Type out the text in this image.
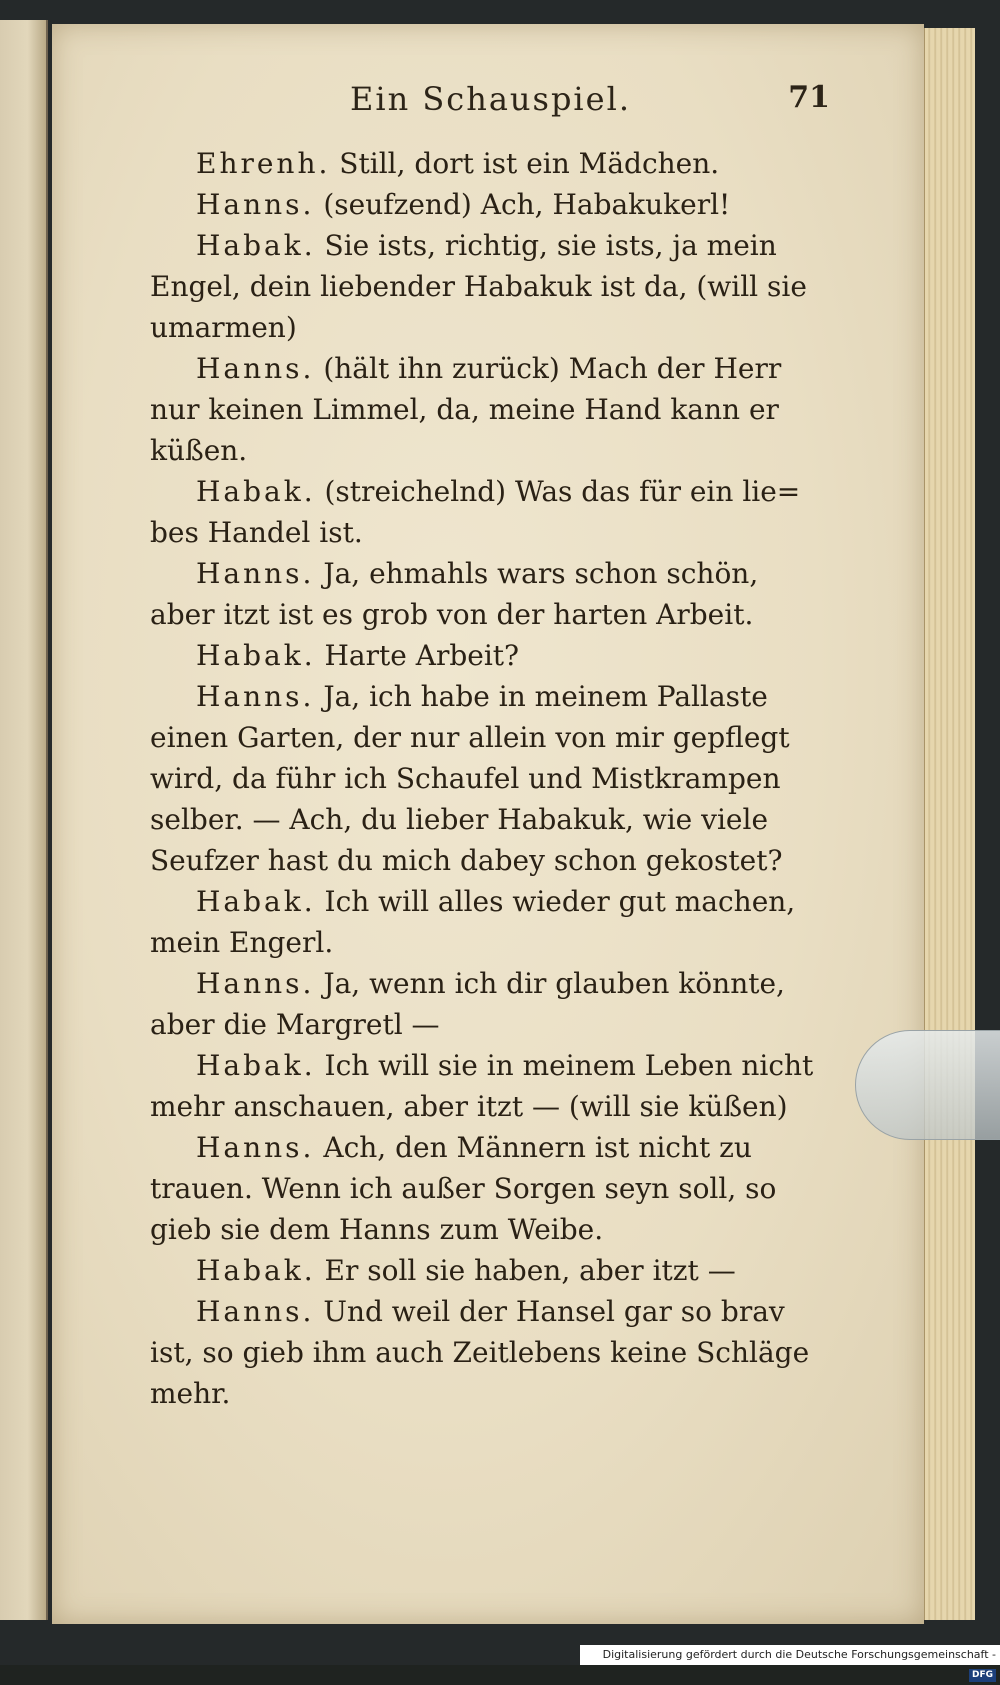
Ein Schauspiel.	71
Ehrenh. Still, dort ist ein Mädchen.
Hanns. (seufzend) Ach, Habakukerl!
Habak. Sie ists, richtig, sie ists, ja mein
Engel, dein liebender Habakuk ist da, (will sie
umarmen)
Hanns. (hält ihn zurück) Mach der Herr
nur keinen Limmel, da, meine Hand kann er
küßen.
Habak. (streichelnd) Was das für ein lie=
bes Handel ist.
Hanns. Ja, ehmahls wars schon schön,
aber itzt ist es grob von der harten Arbeit.
Habak. Harte Arbeit?
Hanns. Ja, ich habe in meinem Pallaste
einen Garten, der nur allein von mir gepflegt
wird, da führ ich Schaufel und Mistkrampen
selber. — Ach, du lieber Habakuk, wie viele
Seufzer hast du mich dabey schon gekostet?
Habak. Ich will alles wieder gut machen,
mein Engerl.
Hanns. Ja, wenn ich dir glauben könnte,
aber die Margretl —
Habak. Ich will sie in meinem Leben nicht
mehr anschauen, aber itzt — (will sie küßen)
Hanns. Ach, den Männern ist nicht zu
trauen. Wenn ich außer Sorgen seyn soll, so
gieb sie dem Hanns zum Weibe.
Habak. Er soll sie haben, aber itzt —
Hanns. Und weil der Hansel gar so brav
ist, so gieb ihm auch Zeitlebens keine Schläge
mehr.
Digitalisierung gefördert durch die Deutsche Forschungsgemeinschaft -DFG
